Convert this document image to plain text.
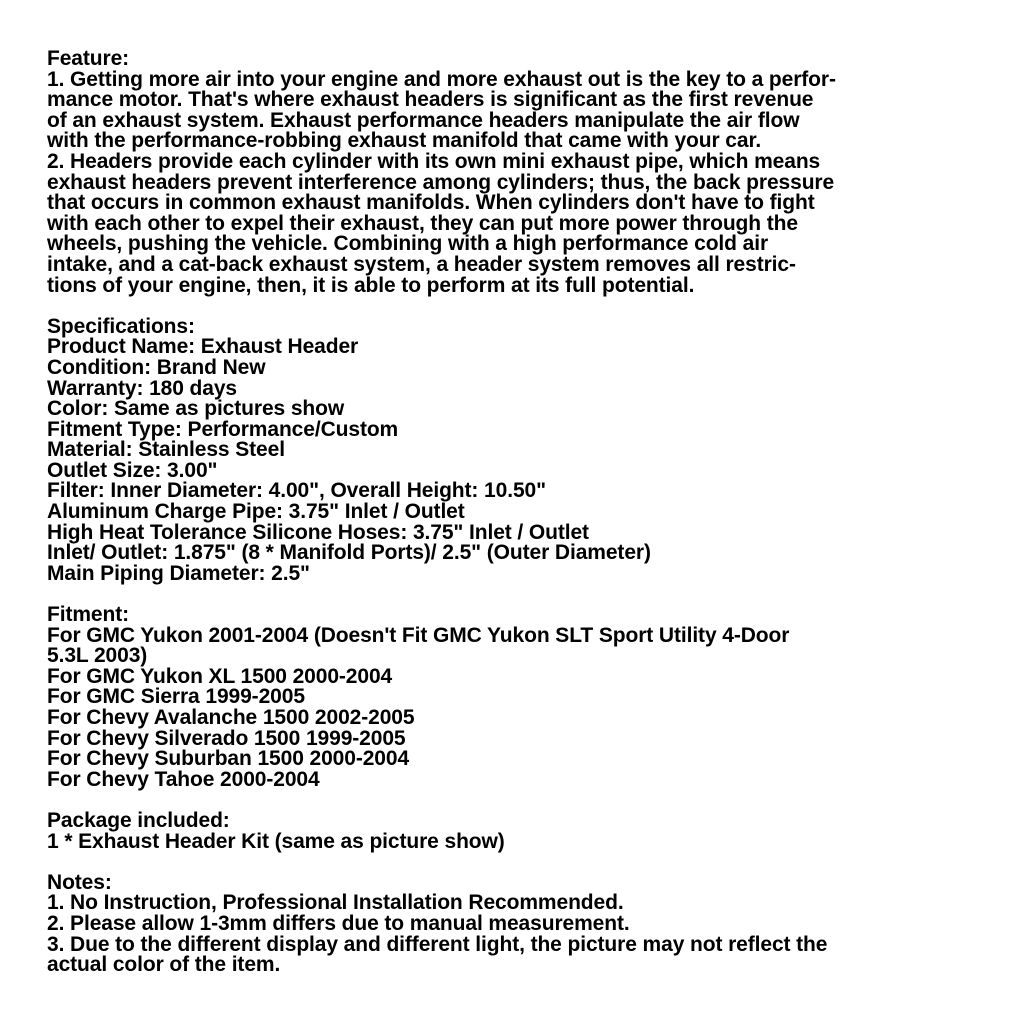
Feature:
1. Getting more air into your engine and more exhaust out is the key to a perfor-
mance motor. That's where exhaust headers is significant as the first revenue
of an exhaust system. Exhaust performance headers manipulate the air flow
with the performance-robbing exhaust manifold that came with your car.
2. Headers provide each cylinder with its own mini exhaust pipe, which means
exhaust headers prevent interference among cylinders; thus, the back pressure
that occurs in common exhaust manifolds. When cylinders don't have to fight
with each other to expel their exhaust, they can put more power through the
wheels, pushing the vehicle. Combining with a high performance cold air
intake, and a cat-back exhaust system, a header system removes all restric-
tions of your engine, then, it is able to perform at its full potential.
Specifications:
Product Name: Exhaust Header
Condition: Brand New
Warranty: 180 days
Color: Same as pictures show
Fitment Type: Performance/Custom
Material: Stainless Steel
Outlet Size: 3.00"
Filter: Inner Diameter: 4.00", Overall Height: 10.50"
Aluminum Charge Pipe: 3.75" Inlet / Outlet
High Heat Tolerance Silicone Hoses: 3.75" Inlet / Outlet
Inlet/ Outlet: 1.875" (8 * Manifold Ports)/ 2.5" (Outer Diameter)
Main Piping Diameter: 2.5"
Fitment:
For GMC Yukon 2001-2004 (Doesn't Fit GMC Yukon SLT Sport Utility 4-Door
5.3L 2003)
For GMC Yukon XL 1500 2000-2004
For GMC Sierra 1999-2005
For Chevy Avalanche 1500 2002-2005
For Chevy Silverado 1500 1999-2005
For Chevy Suburban 1500 2000-2004
For Chevy Tahoe 2000-2004
Package included:
1 * Exhaust Header Kit (same as picture show)
Notes:
1. No Instruction, Professional Installation Recommended.
2. Please allow 1-3mm differs due to manual measurement.
3. Due to the different display and different light, the picture may not reflect the
actual color of the item.
